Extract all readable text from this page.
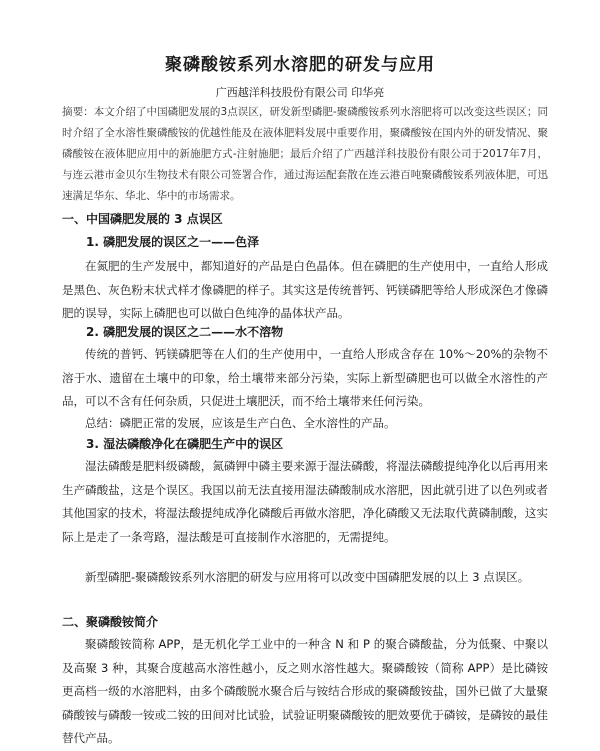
聚磷酸铵系列水溶肥的研发与应用
广西越洋科技股份有限公司 印华亮

摘要：本文介绍了中国磷肥发展的3点误区，研发新型磷肥-聚磷酸铵系列水溶肥将可以改变这些误区；同时介绍了全水溶性聚磷酸铵的优越性能及在液体肥料发展中重要作用，聚磷酸铵在国内外的研发情况、聚磷酸铵在液体肥应用中的新施肥方式-注射施肥；最后介绍了广西越洋科技股份有限公司于2017年7月，与连云港市金贝尔生物技术有限公司签署合作，通过海运配套散在连云港百吨聚磷酸铵系列液体肥，可迅速满足华东、华北、华中的市场需求。

一、中国磷肥发展的 3 点误区
1. 磷肥发展的误区之一——色泽

在氮肥的生产发展中，都知道好的产品是白色晶体。但在磷肥的生产使用中，一直给人形成是黑色、灰色粉末状式样才像磷肥的样子。其实这是传统普钙、钙镁磷肥等给人形成深色才像磷肥的误导，实际上磷肥也可以做白色纯净的晶体状产品。

2. 磷肥发展的误区之二——水不溶物

传统的普钙、钙镁磷肥等在人们的生产使用中，一直给人形成含存在 10%～20%的杂物不溶于水、遗留在土壤中的印象，给土壤带来部分污染，实际上新型磷肥也可以做全水溶性的产品，可以不含有任何杂质，只促进土壤肥沃，而不给土壤带来任何污染。

总结：磷肥正常的发展，应该是生产白色、全水溶性的产品。

3. 湿法磷酸净化在磷肥生产中的误区

湿法磷酸是肥料级磷酸，氮磷钾中磷主要来源于湿法磷酸，将湿法磷酸提纯净化以后再用来生产磷酸盐，这是个误区。我国以前无法直接用湿法磷酸制成水溶肥，因此就引进了以色列或者其他国家的技术，将湿法酸提纯成净化磷酸后再做水溶肥，净化磷酸又无法取代黄磷制酸，这实际上是走了一条弯路，湿法酸是可直接制作水溶肥的，无需提纯。

新型磷肥-聚磷酸铵系列水溶肥的研发与应用将可以改变中国磷肥发展的以上 3 点误区。

二、聚磷酸铵简介

聚磷酸铵简称 APP，是无机化学工业中的一种含 N 和 P 的聚合磷酸盐，分为低聚、中聚以及高聚 3 种，其聚合度越高水溶性越小，反之则水溶性越大。聚磷酸铵（简称 APP）是比磷铵更高档一级的水溶肥料，由多个磷酸脱水聚合后与铵结合形成的聚磷酸铵盐，国外已做了大量聚磷酸铵与磷酸一铵或二铵的田间对比试验，试验证明聚磷酸铵的肥效要优于磷铵，是磷铵的最佳替代产品。
